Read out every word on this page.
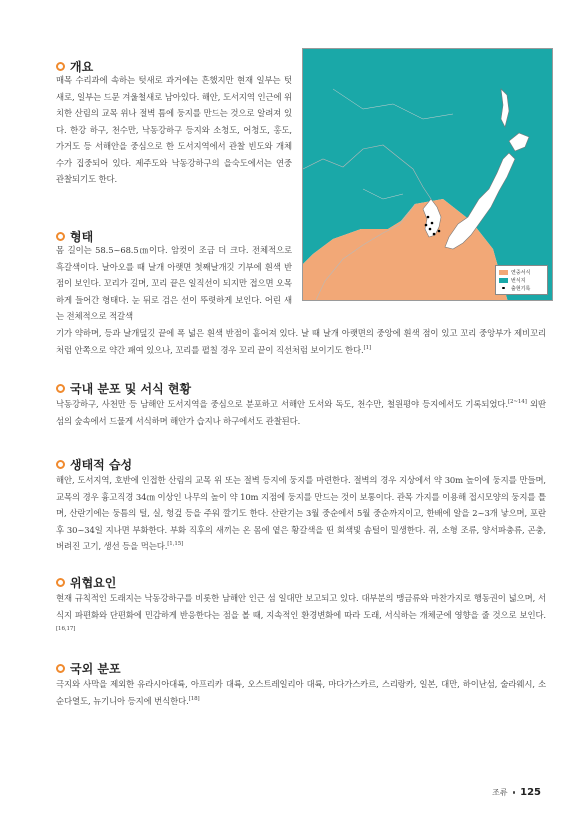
개요
매목 수리과에 속하는 텃새로 과거에는 흔했지만 현재 일부는 텃새로, 일부는 드문 겨울철새로 남아있다. 해안, 도서지역 인근에 위치한 산림의 교목 위나 절벽 틈에 둥지를 만드는 것으로 알려져 있다. 한강 하구, 천수만, 낙동강하구 등지와 소청도, 어청도, 홍도, 가거도 등 서해안을 중심으로 한 도서지역에서 관찰 빈도와 개체수가 집중되어 있다. 제주도와 낙동강하구의 을숙도에서는 연중 관찰되기도 한다.
연중서식
번식지
출현기록
형태
몸 길이는 58.5~68.5㎝이다. 암컷이 조금 더 크다. 전체적으로 흑갈색이다. 날아오를 때 날개 아랫면 첫째날개깃 기부에 흰색 반점이 보인다. 꼬리가 길며, 꼬리 끝은 일직선이 되지만 접으면 오목하게 들어간 형태다. 눈 뒤로 검은 선이 뚜렷하게 보인다. 어린 새는 전체적으로 적갈색
기가 약하며, 등과 날개덮깃 끝에 폭 넓은 흰색 반점이 흩어져 있다. 날 때 날개 아랫면의 중앙에 흰색 점이 있고 꼬리 중앙부가 제비꼬리처럼 안쪽으로 약간 패여 있으나, 꼬리를 펼칠 경우 꼬리 끝이 직선처럼 보이기도 한다.[1]
국내 분포 및 서식 현황
낙동강하구, 사천만 등 남해안 도서지역을 중심으로 분포하고 서해안 도서와 독도, 천수만, 철원평야 등지에서도 기록되었다.[2~14] 외딴 섬의 숲속에서 드물게 서식하며 해안가 습지나 하구에서도 관찰된다.
생태적 습성
해안, 도서지역, 호반에 인접한 산림의 교목 위 또는 절벽 등지에 둥지를 마련한다. 절벽의 경우 지상에서 약 30m 높이에 둥지를 만들며, 교목의 경우 흉고직경 34㎝ 이상인 나무의 높이 약 10m 지점에 둥지를 만드는 것이 보통이다. 관목 가지를 이용해 접시모양의 둥지를 틀며, 산란기에는 둥틈의 털, 실, 헝겊 등을 주워 깔기도 한다. 산란기는 3월 중순에서 5월 중순까지이고, 한배에 알을 2~3개 낳으며, 포란 후 30~34일 지나면 부화한다. 부화 직후의 새끼는 온 몸에 옅은 황갈색을 띤 회색빛 솜털이 밀생한다. 쥐, 소형 조류, 양서파충류, 곤충, 버려진 고기, 생선 등을 먹는다.[1,15]
위협요인
현재 규칙적인 도래지는 낙동강하구를 비롯한 남해안 인근 섬 일대만 보고되고 있다. 대부분의 맹금류와 마찬가지로 행동권이 넓으며, 서식지 파편화와 단편화에 민감하게 반응한다는 점을 볼 때, 지속적인 환경변화에 따라 도래, 서식하는 개체군에 영향을 줄 것으로 보인다.[16,17]
국외 분포
극지와 사막을 제외한 유라시아대륙, 아프리카 대륙, 오스트레일리아 대륙, 마다가스카르, 스리랑카, 일본, 대만, 하이난섬, 술라웨시, 소순다열도, 뉴기니아 등지에 번식한다.[18]
조류 125
